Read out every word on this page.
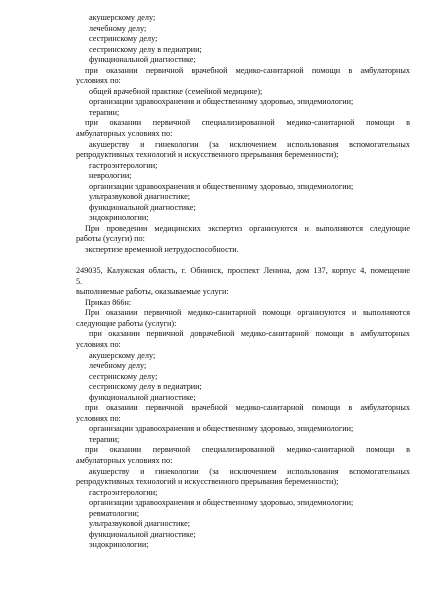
акушерскому делу;
лечебному делу;
сестринскому делу;
сестринскому делу в педиатрии;
функциональной диагностике;
при оказании первичной врачебной медико-санитарной помощи в амбулаторных
условиях по:
общей врачебной практике (семейной медицине);
организации здравоохранения и общественному здоровью, эпидемиологии;
терапии;
при оказании первичной специализированной медико-санитарной помощи в
амбулаторных условиях по:
акушерству и гинекологии (за исключением использования вспомогательных
репродуктивных технологий и искусственного прерывания беременности);
гастроэнтерологии;
неврологии;
организации здравоохранения и общественному здоровью, эпидемиологии;
ультразвуковой диагностике;
функциональной диагностике;
эндокринологии;
При проведении медицинских экспертиз организуются и выполняются следующие
работы (услуги) по:
экспертизе временной нетрудоспособности.
249035, Калужская область, г. Обнинск, проспект Ленина, дом 137, корпус 4, помещение
5.
выполняемые работы, оказываемые услуги:
Приказ 866н:
При оказании первичной медико-санитарной помощи организуются и выполняются
следующие работы (услуги):
при оказании первичной доврачебной медико-санитарной помощи в амбулаторных
условиях по:
акушерскому делу;
лечебному делу;
сестринскому делу;
сестринскому делу в педиатрии;
функциональной диагностике;
при оказании первичной врачебной медико-санитарной помощи в амбулаторных
условиях по:
организации здравоохранения и общественному здоровью, эпидемиологии;
терапии;
при оказании первичной специализированной медико-санитарной помощи в
амбулаторных условиях по:
акушерству и гинекологии (за исключением использования вспомогательных
репродуктивных технологий и искусственного прерывания беременности);
гастроэнтерологии;
организации здравоохранения и общественному здоровью, эпидемиологии;
ревматологии;
ультразвуковой диагностике;
функциональной диагностике;
эндокринологии;
